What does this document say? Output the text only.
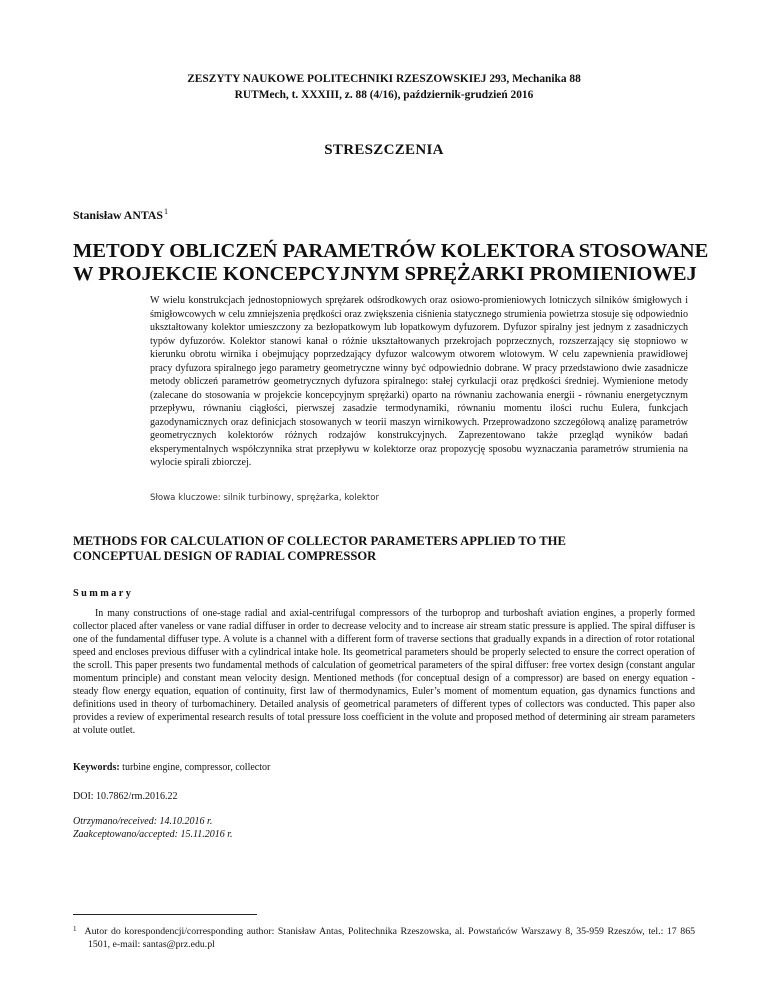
ZESZYTY NAUKOWE POLITECHNIKI RZESZOWSKIEJ 293, Mechanika 88
RUTMech, t. XXXIII, z. 88 (4/16), październik-grudzień 2016
STRESZCZENIA
Stanisław ANTAS$^1$
METODY OBLICZEŃ PARAMETRÓW KOLEKTORA STOSOWANE
W PROJEKCIE KONCEPCYJNYM SPRĘŻARKI PROMIENIOWEJ
W wielu konstrukcjach jednostopniowych sprężarek odśrodkowych oraz osiowo-promieniowych lotniczych silników śmigłowych i śmigłowcowych w celu zmniejszenia prędkości oraz zwiększenia ciśnienia statycznego strumienia powietrza stosuje się odpowiednio ukształtowany kolektor umieszczony za bezłopatkowym lub łopatkowym dyfuzorem. Dyfuzor spiralny jest jednym z zasadniczych typów dyfuzorów. Kolektor stanowi kanał o różnie ukształtowanych przekrojach poprzecznych, rozszerzający się stopniowo w kierunku obrotu wirnika i obejmujący poprzedzający dyfuzor walcowym otworem wlotowym. W celu zapewnienia prawidłowej pracy dyfuzora spiralnego jego parametry geometryczne winny być odpowiednio dobrane. W pracy przedstawiono dwie zasadnicze metody obliczeń parametrów geometrycznych dyfuzora spiralnego: stałej cyrkulacji oraz prędkości średniej. Wymienione metody (zalecane do stosowania w projekcie koncepcyjnym sprężarki) oparto na równaniu zachowania energii - równaniu energetycznym przepływu, równaniu ciągłości, pierwszej zasadzie termodynamiki, równaniu momentu ilości ruchu Eulera, funkcjach gazodynamicznych oraz definicjach stosowanych w teorii maszyn wirnikowych. Przeprowadzono szczegółową analizę parametrów geometrycznych kolektorów różnych rodzajów konstrukcyjnych. Zaprezentowano także przegląd wyników badań eksperymentalnych współczynnika strat przepływu w kolektorze oraz propozycję sposobu wyznaczania parametrów strumienia na wylocie spirali zbiorczej.
Słowa kluczowe: silnik turbinowy, sprężarka, kolektor
METHODS FOR CALCULATION OF COLLECTOR PARAMETERS APPLIED TO THE
CONCEPTUAL DESIGN OF RADIAL COMPRESSOR
Summary
In many constructions of one-stage radial and axial-centrifugal compressors of the turboprop and turboshaft aviation engines, a properly formed collector placed after vaneless or vane radial diffuser in order to decrease velocity and to increase air stream static pressure is applied. The spiral diffuser is one of the fundamental diffuser type. A volute is a channel with a different form of traverse sections that gradually expands in a direction of rotor rotational speed and encloses previous diffuser with a cylindrical intake hole. Its geometrical parameters should be properly selected to ensure the correct operation of the scroll. This paper presents two fundamental methods of calculation of geometrical parameters of the spiral diffuser: free vortex design (constant angular momentum principle) and constant mean velocity design. Mentioned methods (for conceptual design of a compressor) are based on energy equation - steady flow energy equation, equation of continuity, first law of thermodynamics, Euler’s moment of momentum equation, gas dynamics functions and definitions used in theory of turbomachinery. Detailed analysis of geometrical parameters of different types of collectors was conducted. This paper also provides a review of experimental research results of total pressure loss coefficient in the volute and proposed method of determining air stream parameters at volute outlet.
Keywords: turbine engine, compressor, collector
DOI: 10.7862/rm.2016.22
Otrzymano/received: 14.10.2016 r.
Zaakceptowano/accepted: 15.11.2016 r.
$^1$ Autor do korespondencji/corresponding author: Stanisław Antas, Politechnika Rzeszowska, al. Powstańców Warszawy 8, 35-959 Rzeszów, tel.: 17 865 1501, e-mail: santas@prz.edu.pl
